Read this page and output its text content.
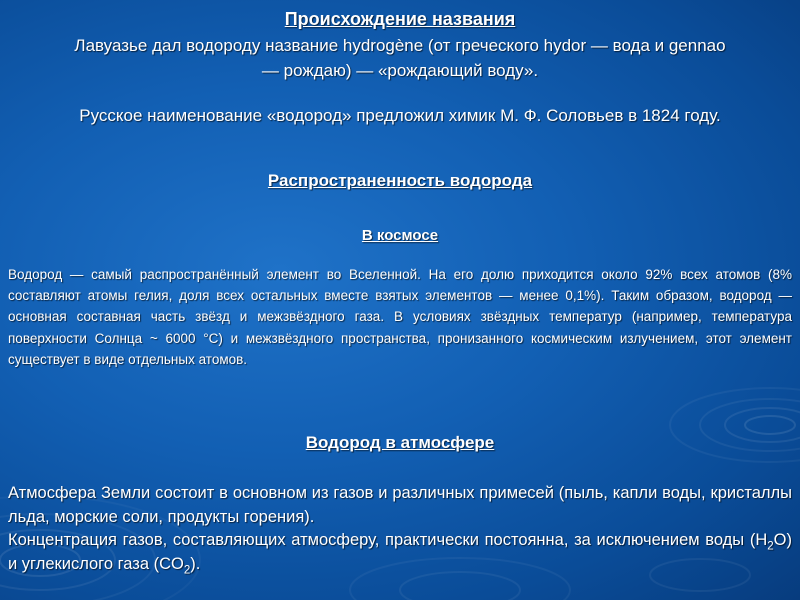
Происхождение названия
Лавуазье дал водороду название hydrogène (от греческого hydor — вода и gennao
— рождаю) — «рождающий воду».
Русское наименование «водород» предложил химик М. Ф. Соловьев в 1824 году.
Распространенность водорода
В космосе
Водород — самый распространённый элемент во Вселенной. На его долю приходится около 92% всех атомов (8% составляют атомы гелия, доля всех остальных вместе взятых элементов — менее 0,1%). Таким образом, водород — основная составная часть звёзд и межзвёздного газа. В условиях звёздных температур (например, температура поверхности Солнца ~ 6000 °C) и межзвёздного пространства, пронизанного космическим излучением, этот элемент существует в виде отдельных атомов.
Водород в атмосфере
Атмосфера Земли состоит в основном из газов и различных примесей (пыль, капли воды, кристаллы льда, морские соли, продукты горения).
Концентрация газов, составляющих атмосферу, практически постоянна, за исключением воды $(H_2O)$ и углекислого газа $(CO_2)$.
